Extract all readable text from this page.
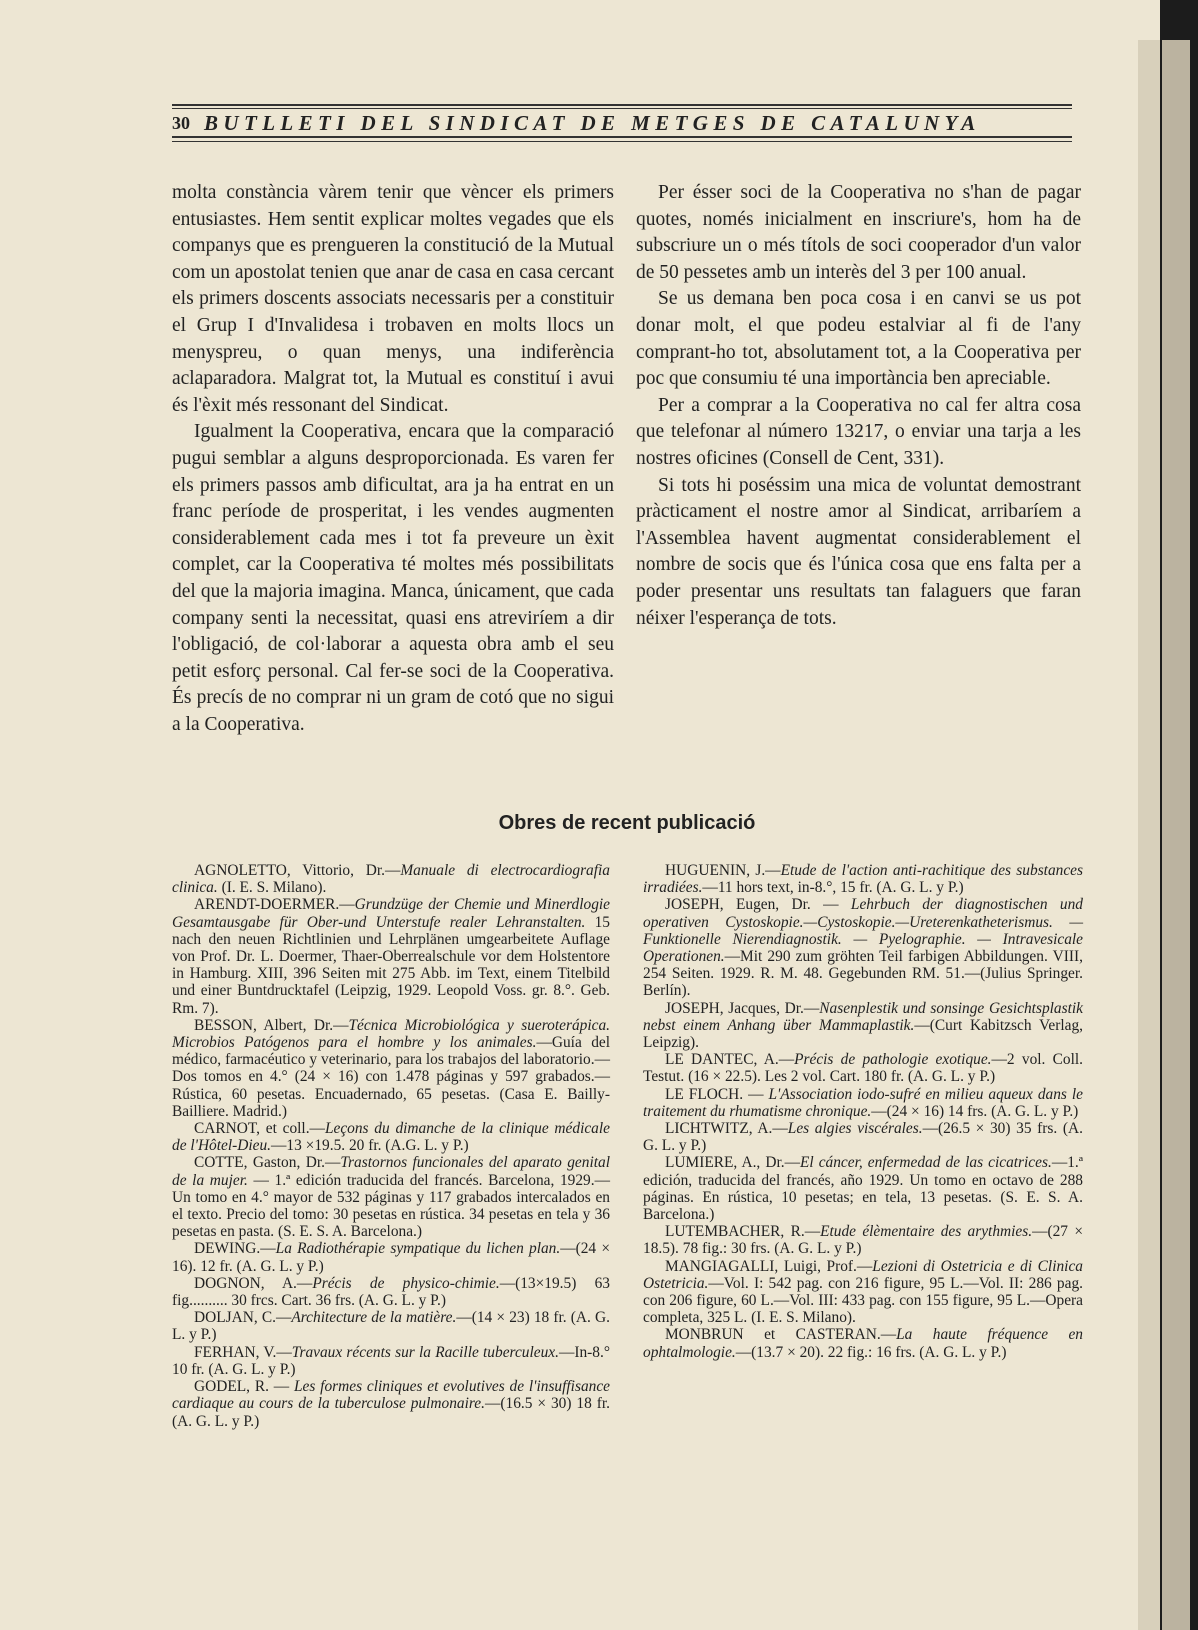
30 BUTLLETI DEL SINDICAT DE METGES DE CATALUNYA

molta constància vàrem tenir que vèncer els primers entusiastes. Hem sentit explicar moltes vegades que els companys que es prengueren la constitució de la Mutual com un apostolat tenien que anar de casa en casa cercant els primers doscents associats necessaris per a constituir el Grup I d'Invalidesa i trobaven en molts llocs un menyspreu, o quan menys, una indiferència aclaparadora. Malgrat tot, la Mutual es constituí i avui és l'èxit més ressonant del Sindicat.

Igualment la Cooperativa, encara que la comparació pugui semblar a alguns desproporcionada. Es varen fer els primers passos amb dificultat, ara ja ha entrat en un franc període de prosperitat, i les vendes augmenten considerablement cada mes i tot fa preveure un èxit complet, car la Cooperativa té moltes més possibilitats del que la majoria imagina. Manca, únicament, que cada company senti la necessitat, quasi ens atreviríem a dir l'obligació, de col·laborar a aquesta obra amb el seu petit esforç personal. Cal fer-se soci de la Cooperativa. És precís de no comprar ni un gram de cotó que no sigui a la Cooperativa.

Per ésser soci de la Cooperativa no s'han de pagar quotes, només inicialment en inscriure's, hom ha de subscriure un o més títols de soci cooperador d'un valor de 50 pessetes amb un interès del 3 per 100 anual.

Se us demana ben poca cosa i en canvi se us pot donar molt, el que podeu estalviar al fi de l'any comprant-ho tot, absolutament tot, a la Cooperativa per poc que consumiu té una importància ben apreciable.

Per a comprar a la Cooperativa no cal fer altra cosa que telefonar al número 13217, o enviar una tarja a les nostres oficines (Consell de Cent, 331).

Si tots hi poséssim una mica de voluntat demostrant pràcticament el nostre amor al Sindicat, arribaríem a l'Assemblea havent augmentat considerablement el nombre de socis que és l'única cosa que ens falta per a poder presentar uns resultats tan falaguers que faran néixer l'esperança de tots.

Obres de recent publicació

AGNOLETTO, Vittorio, Dr.—Manuale di electrocardiografia clinica. (I. E. S. Milano).

ARENDT-DOERMER.—Grundzüge der Chemie und Minerdlogie Gesamtausgabe für Ober-und Unterstufe realer Lehranstalten. 15 nach den neuen Richtlinien und Lehrplänen umgearbeitete Auflage von Prof. Dr. L. Doermer, Thaer-Oberrealschule vor dem Holstentore in Hamburg. XIII, 396 Seiten mit 275 Abb. im Text, einem Titelbild und einer Buntdrucktafel (Leipzig, 1929. Leopold Voss. gr. 8.°. Geb. Rm. 7).

BESSON, Albert, Dr.—Técnica Microbiológica y sueroterápica. Microbios Patógenos para el hombre y los animales.—Guía del médico, farmacéutico y veterinario, para los trabajos del laboratorio.—Dos tomos en 4.° (24 × 16) con 1.478 páginas y 597 grabados.—Rústica, 60 pesetas. Encuadernado, 65 pesetas. (Casa E. Bailly-Bailliere. Madrid.)

CARNOT, et coll.—Leçons du dimanche de la clinique médicale de l'Hôtel-Dieu.—13 ×19.5. 20 fr. (A.G. L. y P.)

COTTE, Gaston, Dr.—Trastornos funcionales del aparato genital de la mujer. — 1.ª edición traducida del francés. Barcelona, 1929.—Un tomo en 4.° mayor de 532 páginas y 117 grabados intercalados en el texto. Precio del tomo: 30 pesetas en rústica. 34 pesetas en tela y 36 pesetas en pasta. (S. E. S. A. Barcelona.)

DEWING.—La Radiothérapie sympatique du lichen plan.—(24 × 16). 12 fr. (A. G. L. y P.)

DOGNON, A.—Précis de physico-chimie.—(13×19.5) 63 fig.......... 30 frcs. Cart. 36 frs. (A. G. L. y P.)

DOLJAN, C.—Architecture de la matière.—(14 × 23) 18 fr. (A. G. L. y P.)

FERHAN, V.—Travaux récents sur la Racille tuberculeux.—In-8.° 10 fr. (A. G. L. y P.)

GODEL, R. — Les formes cliniques et evolutives de l'insuffisance cardiaque au cours de la tuberculose pulmonaire.—(16.5 × 30) 18 fr. (A. G. L. y P.)

HUGUENIN, J.—Etude de l'action anti-rachitique des substances irradiées.—11 hors text, in-8.°, 15 fr. (A. G. L. y P.)

JOSEPH, Eugen, Dr. — Lehrbuch der diagnostischen und operativen Cystoskopie.—Cystoskopie.—Ureterenkatheterismus. — Funktionelle Nierendiagnostik. — Pyelographie. — Intravesicale Operationen.—Mit 290 zum gröhten Teil farbigen Abbildungen. VIII, 254 Seiten. 1929. R. M. 48. Gegebunden RM. 51.—(Julius Springer. Berlín).

JOSEPH, Jacques, Dr.—Nasenplestik und sonsinge Gesichtsplastik nebst einem Anhang über Mammaplastik.—(Curt Kabitzsch Verlag, Leipzig).

LE DANTEC, A.—Précis de pathologie exotique.—2 vol. Coll. Testut. (16 × 22.5). Les 2 vol. Cart. 180 fr. (A. G. L. y P.)

LE FLOCH. — L'Association iodo-sufré en milieu aqueux dans le traitement du rhumatisme chronique.—(24 × 16) 14 frs. (A. G. L. y P.)

LICHTWITZ, A.—Les algies viscérales.—(26.5 × 30) 35 frs. (A. G. L. y P.)

LUMIERE, A., Dr.—El cáncer, enfermedad de las cicatrices.—1.ª edición, traducida del francés, año 1929. Un tomo en octavo de 288 páginas. En rústica, 10 pesetas; en tela, 13 pesetas. (S. E. S. A. Barcelona.)

LUTEMBACHER, R.—Etude élèmentaire des arythmies.—(27 × 18.5). 78 fig.: 30 frs. (A. G. L. y P.)

MANGIAGALLI, Luigi, Prof.—Lezioni di Ostetricia e di Clinica Ostetricia.—Vol. I: 542 pag. con 216 figure, 95 L.—Vol. II: 286 pag. con 206 figure, 60 L.—Vol. III: 433 pag. con 155 figure, 95 L.—Opera completa, 325 L. (I. E. S. Milano).

MONBRUN et CASTERAN.—La haute fréquence en ophtalmologie.—(13.7 × 20). 22 fig.: 16 frs. (A. G. L. y P.)
